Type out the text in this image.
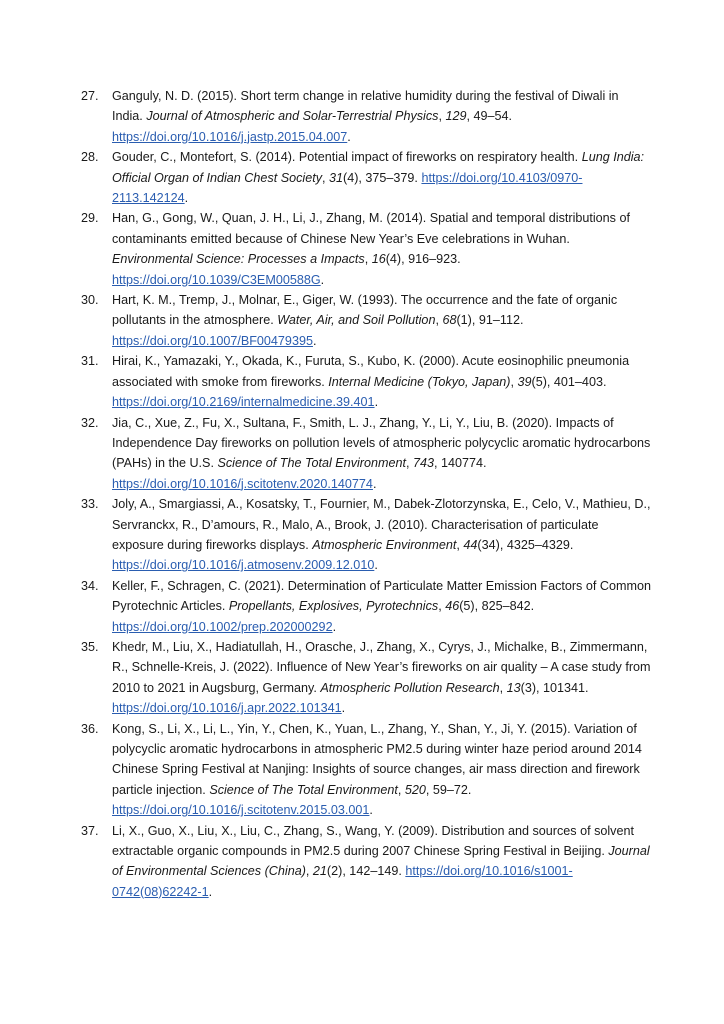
27.	Ganguly, N. D. (2015). Short term change in relative humidity during the festival of Diwali in India. Journal of Atmospheric and Solar-Terrestrial Physics, 129, 49–54. https://doi.org/10.1016/j.jastp.2015.04.007.

28.	Gouder, C., Montefort, S. (2014). Potential impact of fireworks on respiratory health. Lung India: Official Organ of Indian Chest Society, 31(4), 375–379. https://doi.org/10.4103/0970-2113.142124.

29.	Han, G., Gong, W., Quan, J. H., Li, J., Zhang, M. (2014). Spatial and temporal distributions of contaminants emitted because of Chinese New Year’s Eve celebrations in Wuhan. Environmental Science: Processes a Impacts, 16(4), 916–923. https://doi.org/10.1039/C3EM00588G.

30.	Hart, K. M., Tremp, J., Molnar, E., Giger, W. (1993). The occurrence and the fate of organic pollutants in the atmosphere. Water, Air, and Soil Pollution, 68(1), 91–112. https://doi.org/10.1007/BF00479395.

31.	Hirai, K., Yamazaki, Y., Okada, K., Furuta, S., Kubo, K. (2000). Acute eosinophilic pneumonia associated with smoke from fireworks. Internal Medicine (Tokyo, Japan), 39(5), 401–403. https://doi.org/10.2169/internalmedicine.39.401.

32.	Jia, C., Xue, Z., Fu, X., Sultana, F., Smith, L. J., Zhang, Y., Li, Y., Liu, B. (2020). Impacts of Independence Day fireworks on pollution levels of atmospheric polycyclic aromatic hydrocarbons (PAHs) in the U.S. Science of The Total Environment, 743, 140774. https://doi.org/10.1016/j.scitotenv.2020.140774.

33.	Joly, A., Smargiassi, A., Kosatsky, T., Fournier, M., Dabek-Zlotorzynska, E., Celo, V., Mathieu, D., Servranckx, R., D’amours, R., Malo, A., Brook, J. (2010). Characterisation of particulate exposure during fireworks displays. Atmospheric Environment, 44(34), 4325–4329. https://doi.org/10.1016/j.atmosenv.2009.12.010.

34.	Keller, F., Schragen, C. (2021). Determination of Particulate Matter Emission Factors of Common Pyrotechnic Articles. Propellants, Explosives, Pyrotechnics, 46(5), 825–842. https://doi.org/10.1002/prep.202000292.

35.	Khedr, M., Liu, X., Hadiatullah, H., Orasche, J., Zhang, X., Cyrys, J., Michalke, B., Zimmermann, R., Schnelle-Kreis, J. (2022). Influence of New Year’s fireworks on air quality – A case study from 2010 to 2021 in Augsburg, Germany. Atmospheric Pollution Research, 13(3), 101341. https://doi.org/10.1016/j.apr.2022.101341.

36.	Kong, S., Li, X., Li, L., Yin, Y., Chen, K., Yuan, L., Zhang, Y., Shan, Y., Ji, Y. (2015). Variation of polycyclic aromatic hydrocarbons in atmospheric PM2.5 during winter haze period around 2014 Chinese Spring Festival at Nanjing: Insights of source changes, air mass direction and firework particle injection. Science of The Total Environment, 520, 59–72. https://doi.org/10.1016/j.scitotenv.2015.03.001.

37.	Li, X., Guo, X., Liu, X., Liu, C., Zhang, S., Wang, Y. (2009). Distribution and sources of solvent extractable organic compounds in PM2.5 during 2007 Chinese Spring Festival in Beijing. Journal of Environmental Sciences (China), 21(2), 142–149. https://doi.org/10.1016/s1001-0742(08)62242-1.
